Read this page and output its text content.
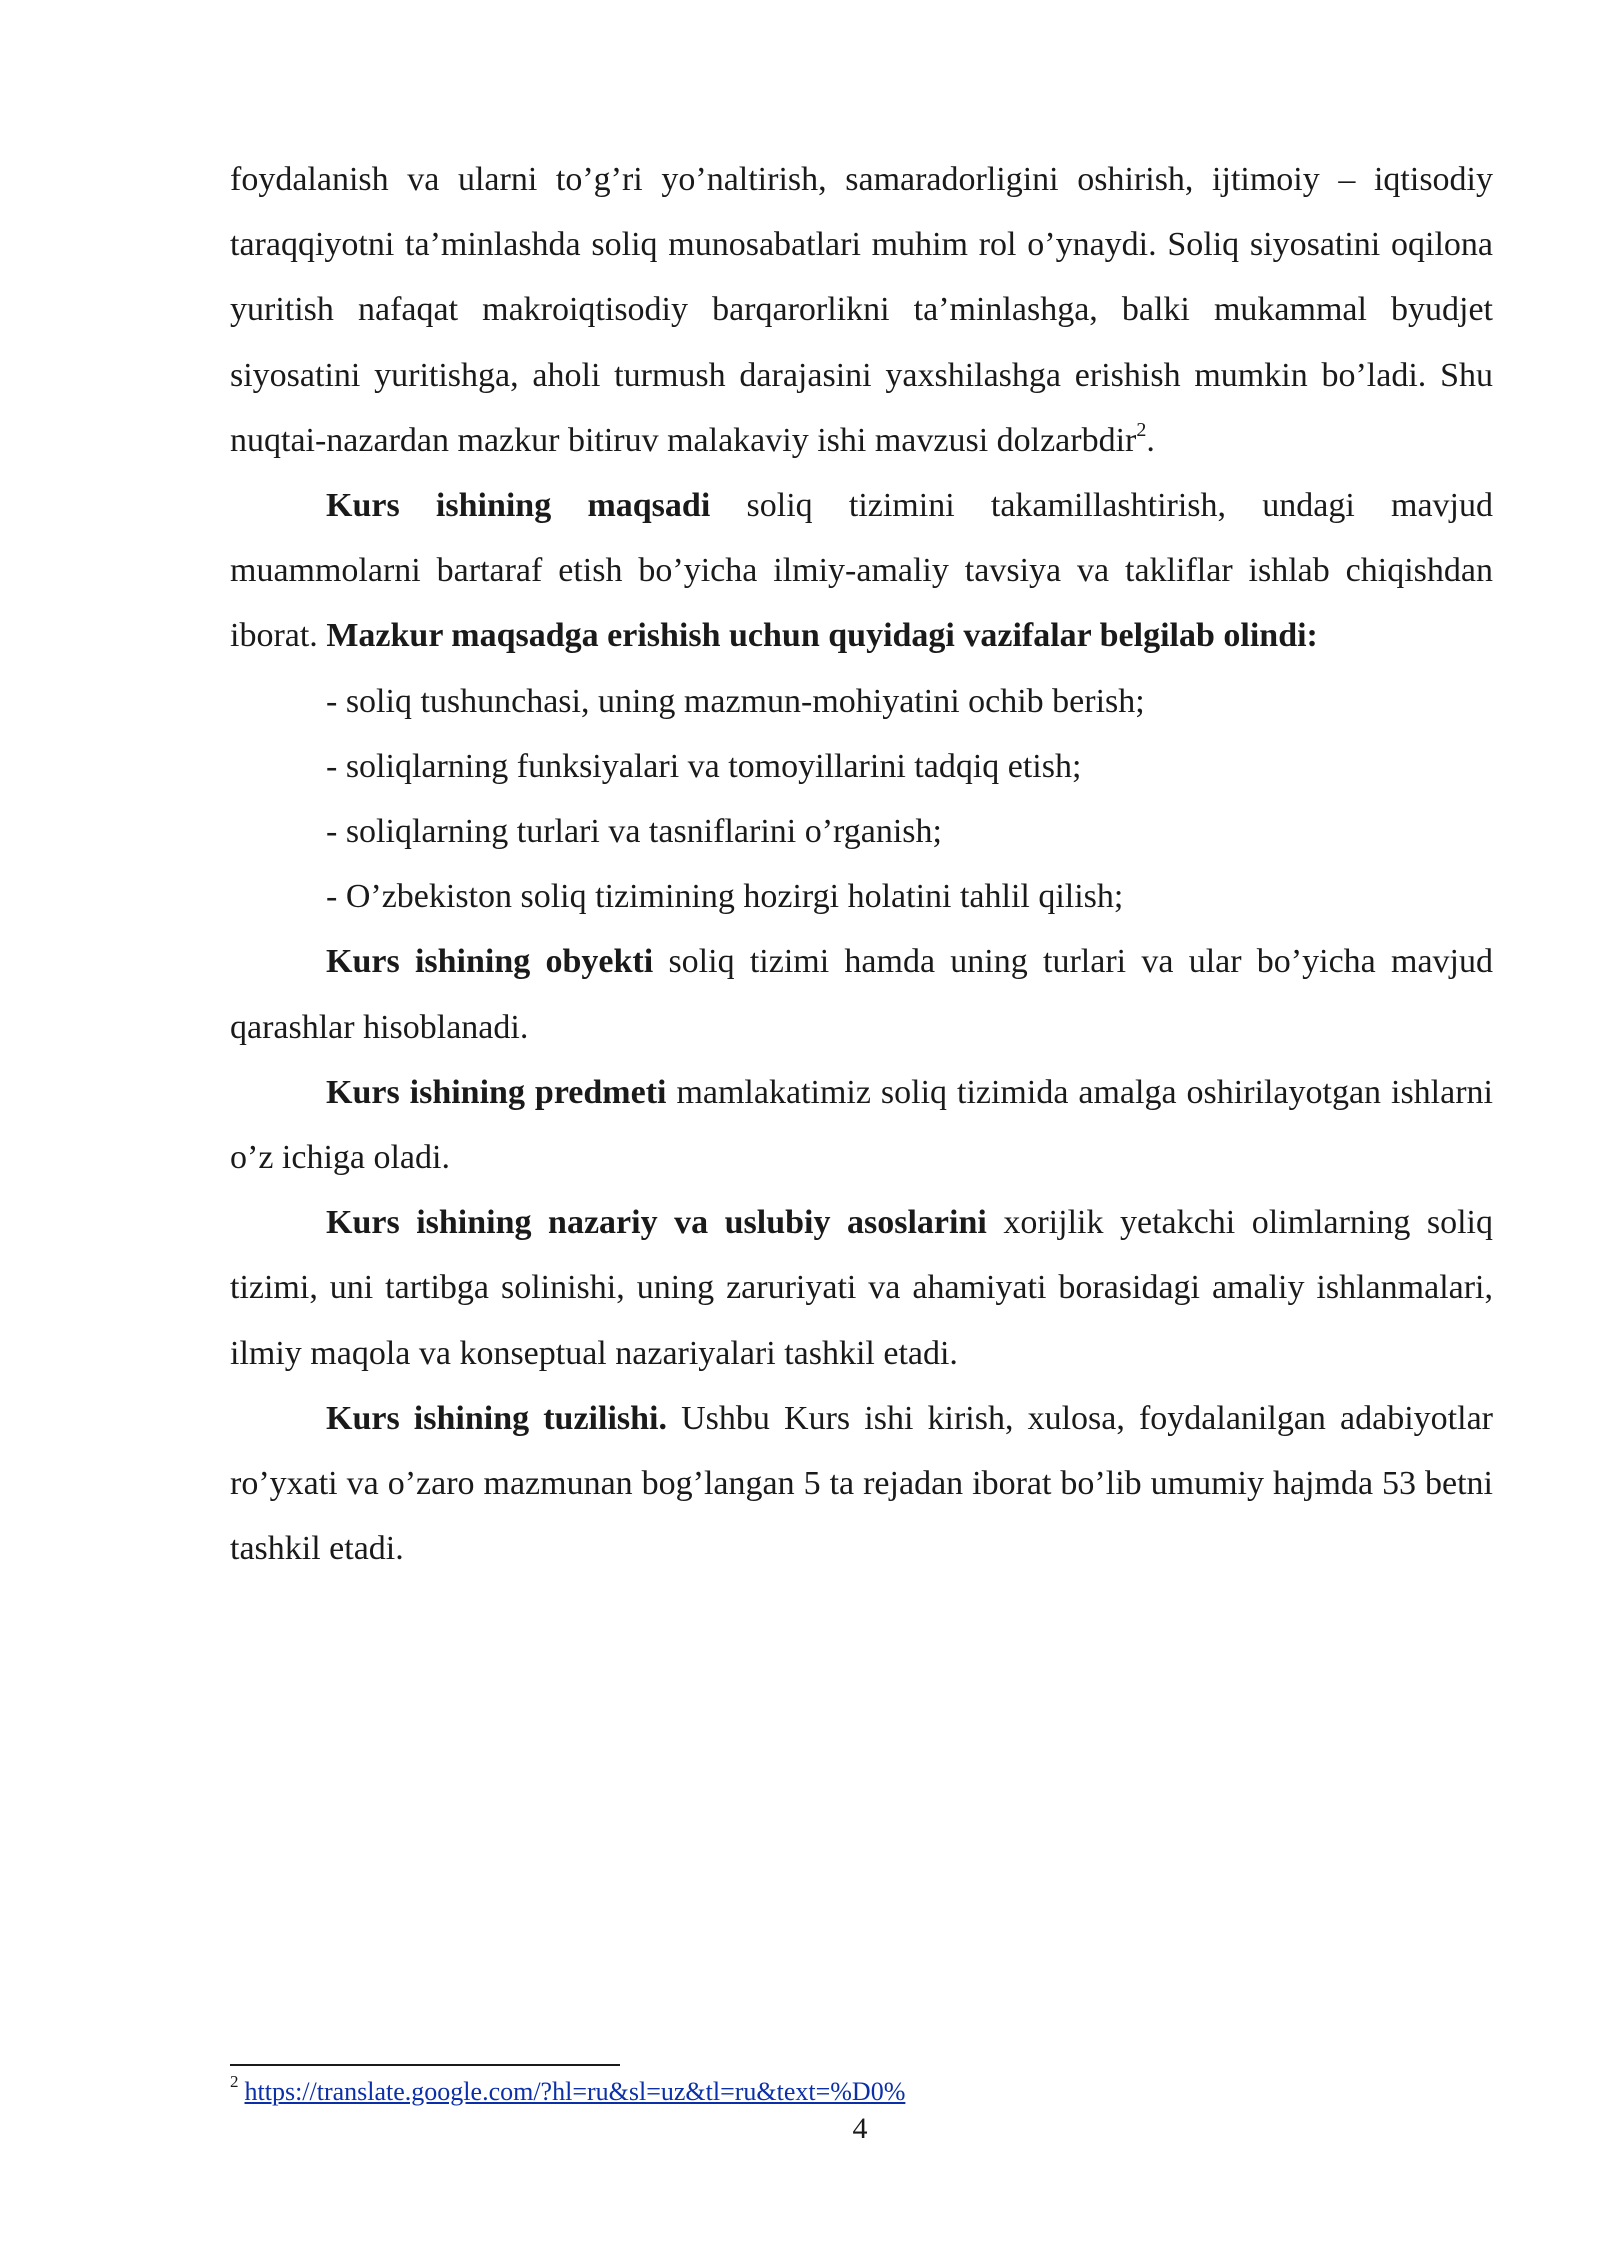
foydalanish va ularni to’g’ri yo’naltirish, samaradorligini oshirish, ijtimoiy – iqtisodiy taraqqiyotni ta’minlashda soliq munosabatlari muhim rol o’ynaydi. Soliq siyosatini oqilona yuritish nafaqat makroiqtisodiy barqarorlikni ta’minlashga, balki mukammal byudjet siyosatini yuritishga, aholi turmush darajasini yaxshilashga erishish mumkin bo’ladi. Shu nuqtai-nazardan mazkur bitiruv malakaviy ishi mavzusi dolzarbdir$^2$.

Kurs ishining maqsadi soliq tizimini takamillashtirish, undagi mavjud muammolarni bartaraf etish bo’yicha ilmiy-amaliy tavsiya va takliflar ishlab chiqishdan iborat. Mazkur maqsadga erishish uchun quyidagi vazifalar belgilab olindi:

- soliq tushunchasi, uning mazmun-mohiyatini ochib berish;

- soliqlarning funksiyalari va tomoyillarini tadqiq etish;

- soliqlarning turlari va tasniflarini o’rganish;

- O’zbekiston soliq tizimining hozirgi holatini tahlil qilish;

Kurs ishining obyekti soliq tizimi hamda uning turlari va ular bo’yicha mavjud qarashlar hisoblanadi.

Kurs ishining predmeti mamlakatimiz soliq tizimida amalga oshirilayotgan ishlarni o’z ichiga oladi.

Kurs ishining nazariy va uslubiy asoslarini xorijlik yetakchi olimlarning soliq tizimi, uni tartibga solinishi, uning zaruriyati va ahamiyati borasidagi amaliy ishlanmalari, ilmiy maqola va konseptual nazariyalari tashkil etadi.

Kurs ishining tuzilishi. Ushbu Kurs ishi kirish, xulosa, foydalanilgan adabiyotlar ro’yxati va o’zaro mazmunan bog’langan 5 ta rejadan iborat bo’lib umumiy hajmda 53 betni tashkil etadi.

$^2$ https://translate.google.com/?hl=ru&sl=uz&tl=ru&text=%D0%
4
